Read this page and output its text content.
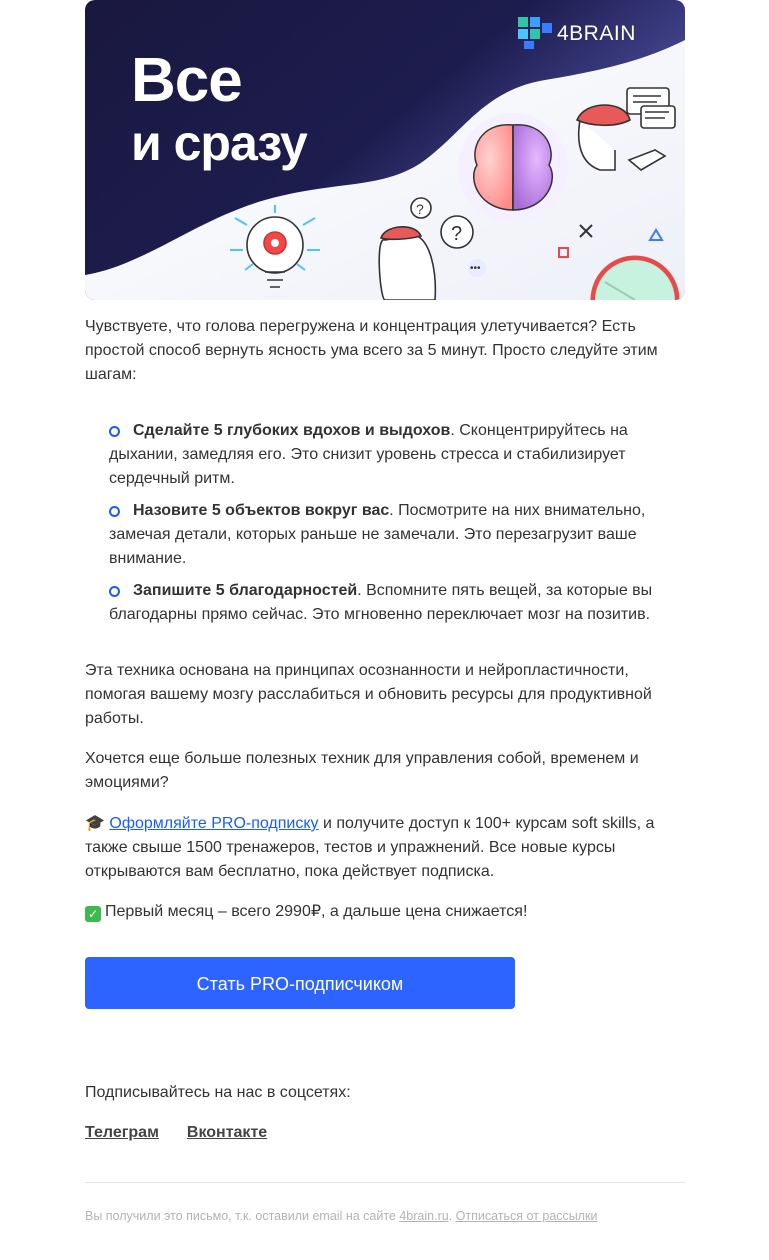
4BRAIN
Все
и сразу
?
?
•••

Чувствуете, что голова перегружена и концентрация улетучивается? Есть простой способ вернуть ясность ума всего за 5 минут. Просто следуйте этим шагам:

Сделайте 5 глубоких вдохов и выдохов. Сконцентрируйтесь на дыхании, замедляя его. Это снизит уровень стресса и стабилизирует сердечный ритм.
Назовите 5 объектов вокруг вас. Посмотрите на них внимательно, замечая детали, которых раньше не замечали. Это перезагрузит ваше внимание.
Запишите 5 благодарностей. Вспомните пять вещей, за которые вы благодарны прямо сейчас. Это мгновенно переключает мозг на позитив.

Эта техника основана на принципах осознанности и нейропластичности, помогая вашему мозгу расслабиться и обновить ресурсы для продуктивной работы.

Хочется еще больше полезных техник для управления собой, временем и эмоциями?

🎓 Оформляйте PRO-подписку и получите доступ к 100+ курсам soft skills, а также свыше 1500 тренажеров, тестов и упражнений. Все новые курсы открываются вам бесплатно, пока действует подписка.

✓ Первый месяц – всего 2990₽, а дальше цена снижается!

Стать PRO-подписчиком

Подписывайтесь на нас в соцсетях:

Телеграм Вконтакте
Вы получили это письмо, т.к. оставили email на сайте 4brain.ru. Отписаться от рассылки
